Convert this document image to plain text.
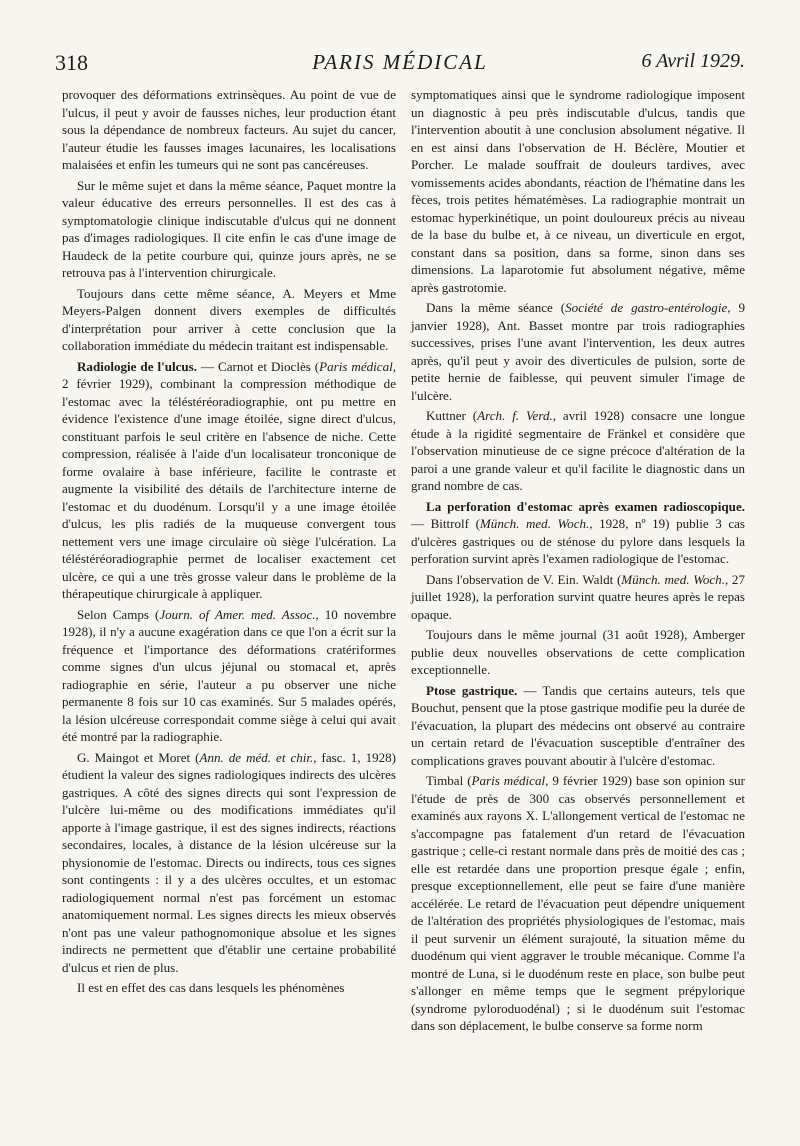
318	PARIS MÉDICAL	6 Avril 1929.

provoquer des déformations extrinsèques. Au point de vue de l'ulcus, il peut y avoir de fausses niches, leur production étant sous la dépendance de nombreux facteurs. Au sujet du cancer, l'auteur étudie les fausses images lacunaires, les localisations malaisées et enfin les tumeurs qui ne sont pas cancéreuses.

Sur le même sujet et dans la même séance, Paquet montre la valeur éducative des erreurs personnelles. Il est des cas à symptomatologie clinique indiscutable d'ulcus qui ne donnent pas d'images radiologiques. Il cite enfin le cas d'une image de Haudeck de la petite courbure qui, quinze jours après, ne se retrouva pas à l'intervention chirurgicale.

Toujours dans cette même séance, A. Meyers et Mme Meyers-Palgen donnent divers exemples de difficultés d'interprétation pour arriver à cette conclusion que la collaboration immédiate du médecin traitant est indispensable.

Radiologie de l'ulcus. — Carnot et Dioclès (Paris médical, 2 février 1929), combinant la compression méthodique de l'estomac avec la téléstéréoradiographie, ont pu mettre en évidence l'existence d'une image étoilée, signe direct d'ulcus, constituant parfois le seul critère en l'absence de niche. Cette compression, réalisée à l'aide d'un localisateur tronconique de forme ovalaire à base inférieure, facilite le contraste et augmente la visibilité des détails de l'architecture interne de l'estomac et du duodénum. Lorsqu'il y a une image étoilée d'ulcus, les plis radiés de la muqueuse convergent tous nettement vers une image circulaire où siège l'ulcération. La téléstéréoradiographie permet de localiser exactement cet ulcère, ce qui a une très grosse valeur dans le problème de la thérapeutique chirurgicale à appliquer.

Selon Camps (Journ. of Amer. med. Assoc., 10 novembre 1928), il n'y a aucune exagération dans ce que l'on a écrit sur la fréquence et l'importance des déformations cratériformes comme signes d'un ulcus jéjunal ou stomacal et, après radiographie en série, l'auteur a pu observer une niche permanente 8 fois sur 10 cas examinés. Sur 5 malades opérés, la lésion ulcéreuse correspondait comme siège à celui qui avait été montré par la radiographie.

G. Maingot et Moret (Ann. de méd. et chir., fasc. 1, 1928) étudient la valeur des signes radiologiques indirects des ulcères gastriques. A côté des signes directs qui sont l'expression de l'ulcère lui-même ou des modifications immédiates qu'il apporte à l'image gastrique, il est des signes indirects, réactions secondaires, locales, à distance de la lésion ulcéreuse sur la physionomie de l'estomac. Directs ou indirects, tous ces signes sont contingents : il y a des ulcères occultes, et un estomac radiologiquement normal n'est pas forcément un estomac anatomiquement normal. Les signes directs les mieux observés n'ont pas une valeur pathognomonique absolue et les signes indirects ne permettent que d'établir une certaine probabilité d'ulcus et rien de plus.

Il est en effet des cas dans lesquels les phénomènes

symptomatiques ainsi que le syndrome radiologique imposent un diagnostic à peu près indiscutable d'ulcus, tandis que l'intervention aboutit à une conclusion absolument négative. Il en est ainsi dans l'observation de H. Béclère, Moutier et Porcher. Le malade souffrait de douleurs tardives, avec vomissements acides abondants, réaction de l'hématine dans les fèces, trois petites hématémèses. La radiographie montrait un estomac hyperkinétique, un point douloureux précis au niveau de la base du bulbe et, à ce niveau, un diverticule en ergot, constant dans sa position, dans sa forme, sinon dans ses dimensions. La laparotomie fut absolument négative, même après gastrotomie.

Dans la même séance (Société de gastro-entérologie, 9 janvier 1928), Ant. Basset montre par trois radiographies successives, prises l'une avant l'intervention, les deux autres après, qu'il peut y avoir des diverticules de pulsion, sorte de petite hernie de faiblesse, qui peuvent simuler l'image de l'ulcère.

Kuttner (Arch. f. Verd., avril 1928) consacre une longue étude à la rigidité segmentaire de Fränkel et considère que l'observation minutieuse de ce signe précoce d'altération de la paroi a une grande valeur et qu'il facilite le diagnostic dans un grand nombre de cas.

La perforation d'estomac après examen radioscopique. — Bittrolf (Münch. med. Woch., 1928, nº 19) publie 3 cas d'ulcères gastriques ou de sténose du pylore dans lesquels la perforation survint après l'examen radiologique de l'estomac.

Dans l'observation de V. Ein. Waldt (Münch. med. Woch., 27 juillet 1928), la perforation survint quatre heures après le repas opaque.

Toujours dans le même journal (31 août 1928), Amberger publie deux nouvelles observations de cette complication exceptionnelle.

Ptose gastrique. — Tandis que certains auteurs, tels que Bouchut, pensent que la ptose gastrique modifie peu la durée de l'évacuation, la plupart des médecins ont observé au contraire un certain retard de l'évacuation susceptible d'entraîner des complications graves pouvant aboutir à l'ulcère d'estomac.

Timbal (Paris médical, 9 février 1929) base son opinion sur l'étude de près de 300 cas observés personnellement et examinés aux rayons X. L'allongement vertical de l'estomac ne s'accompagne pas fatalement d'un retard de l'évacuation gastrique ; celle-ci restant normale dans près de moitié des cas ; elle est retardée dans une proportion presque égale ; enfin, presque exceptionnellement, elle peut se faire d'une manière accélérée. Le retard de l'évacuation peut dépendre uniquement de l'altération des propriétés physiologiques de l'estomac, mais il peut survenir un élément surajouté, la situation même du duodénum qui vient aggraver le trouble mécanique. Comme l'a montré de Luna, si le duodénum reste en place, son bulbe peut s'allonger en même temps que le segment prépylorique (syndrome pyloroduodénal) ; si le duodénum suit l'estomac dans son déplacement, le bulbe conserve sa forme norm
